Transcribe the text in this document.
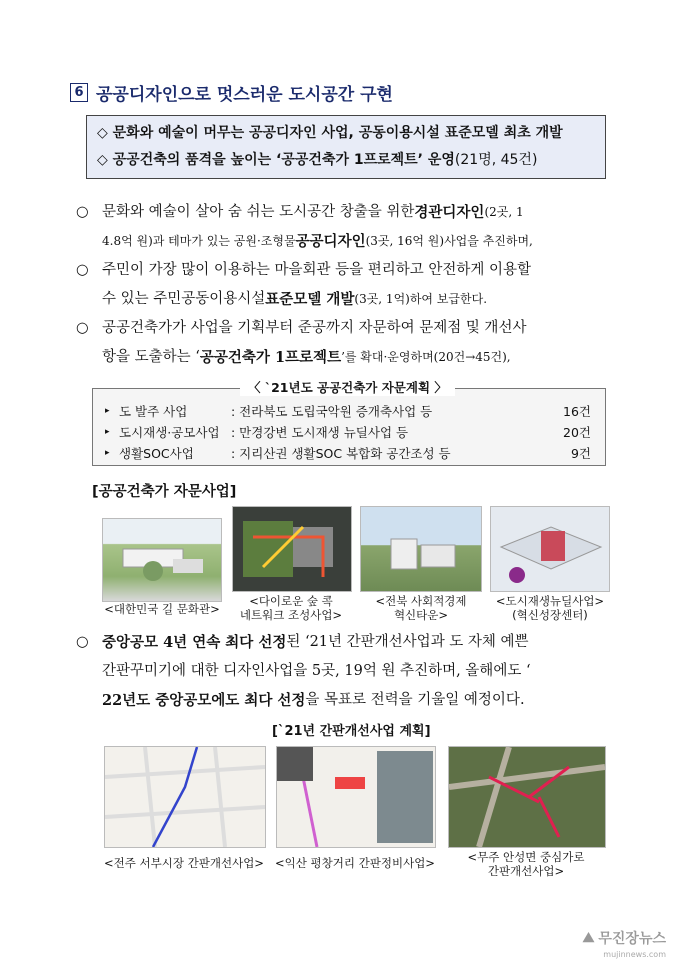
6 공공디자인으로 멋스러운 도시공간 구현
◇ 문화와 예술이 머무는 공공디자인 사업, 공동이용시설 표준모델 최초 개발
◇ 공공건축의 품격을 높이는 ‘공공건축가 1프로젝트’ 운영(21명, 45건)
○ 문화와 예술이 살아 숨 쉬는 도시공간 창출을 위한 경관디자인 (2곳, 1
4.8억 원)과 테마가 있는 공원·조형물 공공디자인 (3곳, 16억 원)사업을 추진하며,
○ 주민이 가장 많이 이용하는 마을회관 등을 편리하고 안전하게 이용할
수 있는 주민공동이용시설 표준모델 개발 (3곳, 1억)하여 보급한다.
○ 공공건축가가 사업을 기획부터 준공까지 자문하여 문제점 및 개선사
항을 도출하는 ‘ 공공건축가 1프로젝트 ’를 확대·운영하며(20건→45건),
▸ 도 발주 사업	: 전라북도 도립국악원 증개축사업 등	16건
▸ 도시재생·공모사업 : 만경강변 도시재생 뉴딜사업 등	20건
▸ 생활SOC사업	: 지리산권 생활SOC 복합화 공간조성 등	9건
〈 `21년도 공공건축가 자문계획 〉
[공공건축가 자문사업]
<대한민국 길 문화관>
<다이로운 숲 콕
네트워크 조성사업>
<전북 사회적경제
혁신타운>
<도시재생뉴딜사업>
(혁신성장센터)
○ 중앙공모 4년 연속 최다 선정 된 ‘21년 간판개선사업과 도 자체 예쁜
간판꾸미기에 대한 디자인사업을 5곳, 19억 원 추진하며, 올해에도 ‘
22년도 중앙공모에도 최다 선정 을 목표로 전력을 기울일 예정이다.
[`21년 간판개선사업 계획]
<전주 서부시장 간판개선사업> <익산 평창거리 간판정비사업>	<무주 안성면 중심가로
간판개선사업>
⛰ 무진장뉴스
mujinnews.com
